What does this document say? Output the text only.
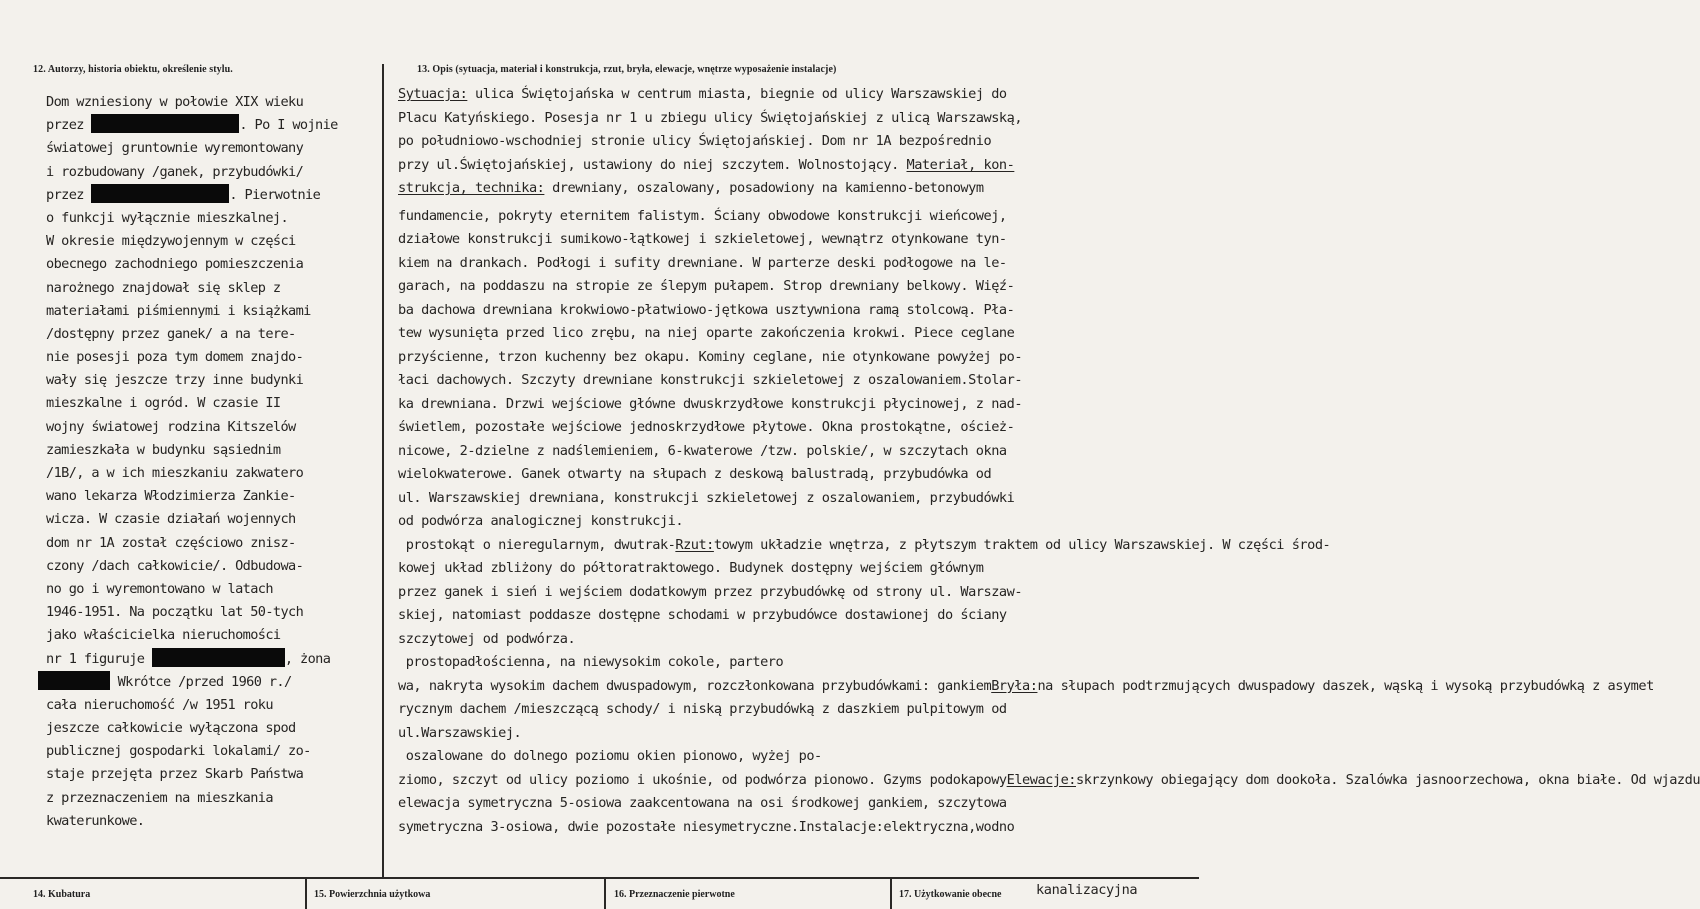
12. Autorzy, historia obiektu, określenie stylu.	13. Opis (sytuacja, materiał i konstrukcja, rzut, bryła, elewacje, wnętrze wyposażenie instalacje)
Dom wzniesiony w połowie XIX wieku
przez	. Po I wojnie
światowej gruntownie wyremontowany
i rozbudowany /ganek, przybudówki/
przez	. Pierwotnie
o funkcji wyłącznie mieszkalnej.
W okresie międzywojennym w części
obecnego zachodniego pomieszczenia
narożnego znajdował się sklep z
materiałami piśmiennymi i książkami
/dostępny przez ganek/ a na tere-
nie posesji poza tym domem znajdo-
wały się jeszcze trzy inne budynki
mieszkalne i ogród. W czasie II
wojny światowej rodzina Kitszelów
zamieszkała w budynku sąsiednim
/1B/, a w ich mieszkaniu zakwatero
wano lekarza Włodzimierza Zankie-
wicza. W czasie działań wojennych
dom nr 1A został częściowo znisz-
czony /dach całkowicie/. Odbudowa-
no go i wyremontowano w latach
1946-1951. Na początku lat 50-tych
jako właścicielka nieruchomości
nr 1 figuruje	, żona
Wkrótce /przed 1960 r./
cała nieruchomość /w 1951 roku
jeszcze całkowicie wyłączona spod
publicznej gospodarki lokalami/ zo-
staje przejęta przez Skarb Państwa
z przeznaczeniem na mieszkania
kwaterunkowe.
Sytuacja: ulica Świętojańska w centrum miasta, biegnie od ulicy Warszawskiej do
Placu Katyńskiego. Posesja nr 1 u zbiegu ulicy Świętojańskiej z ulicą Warszawską,
po południowo-wschodniej stronie ulicy Świętojańskiej. Dom nr 1A bezpośrednio
przy ul.Świętojańskiej, ustawiony do niej szczytem. Wolnostojący. Materiał, kon-
strukcja, technika: drewniany, oszalowany, posadowiony na kamienno-betonowym
fundamencie, pokryty eternitem falistym. Ściany obwodowe konstrukcji wieńcowej,
działowe konstrukcji sumikowo-łątkowej i szkieletowej, wewnątrz otynkowane tyn-
kiem na drankach. Podłogi i sufity drewniane. W parterze deski podłogowe na le-
garach, na poddaszu na stropie ze ślepym pułapem. Strop drewniany belkowy. Więź-
ba dachowa drewniana krokwiowo-płatwiowo-jętkowa usztywniona ramą stolcową. Pła-
tew wysunięta przed lico zrębu, na niej oparte zakończenia krokwi. Piece ceglane
przyścienne, trzon kuchenny bez okapu. Kominy ceglane, nie otynkowane powyżej po-
łaci dachowych. Szczyty drewniane konstrukcji szkieletowej z oszalowaniem.Stolar-
ka drewniana. Drzwi wejściowe główne dwuskrzydłowe konstrukcji płycinowej, z nad-
świetlem, pozostałe wejściowe jednoskrzydłowe płytowe. Okna prostokątne, oścież-
nicowe, 2-dzielne z nadślemieniem, 6-kwaterowe /tzw. polskie/, w szczytach okna
wielokwaterowe. Ganek otwarty na słupach z deskową balustradą, przybudówka od
ul. Warszawskiej drewniana, konstrukcji szkieletowej z oszalowaniem, przybudówki
od podwórza analogicznej konstrukcji.
prostokąt o nieregularnym, dwutrak-Rzut:towym układzie wnętrza, z płytszym traktem od ulicy Warszawskiej. W części środ-
kowej układ zbliżony do półtoratraktowego. Budynek dostępny wejściem głównym
przez ganek i sień i wejściem dodatkowym przez przybudówkę od strony ul. Warszaw-
skiej, natomiast poddasze dostępne schodami w przybudówce dostawionej do ściany
szczytowej od podwórza.
prostopadłościenna, na niewysokim cokole, partero
wa, nakryta wysokim dachem dwuspadowym, rozczłonkowana przybudówkami: gankiemBryła:na słupach podtrzmujących dwuspadowy daszek, wąską i wysoką przybudówką z asymet
rycznym dachem /mieszczącą schody/ i niską przybudówką z daszkiem pulpitowym od
ul.Warszawskiej.
oszalowane do dolnego poziomu okien pionowo, wyżej po-
ziomo, szczyt od ulicy poziomo i ukośnie, od podwórza pionowo. Gzyms podokapowyElewacje:skrzynkowy obiegający dom dookoła. Szalówka jasnoorzechowa, okna białe. Od wjazdu
elewacja symetryczna 5-osiowa zaakcentowana na osi środkowej gankiem, szczytowa
symetryczna 3-osiowa, dwie pozostałe niesymetryczne.Instalacje:elektryczna,wodno
14. Kubatura	15. Powierzchnia użytkowa	16. Przeznaczenie pierwotne	17. Użytkowanie obecne	kanalizacyjna
